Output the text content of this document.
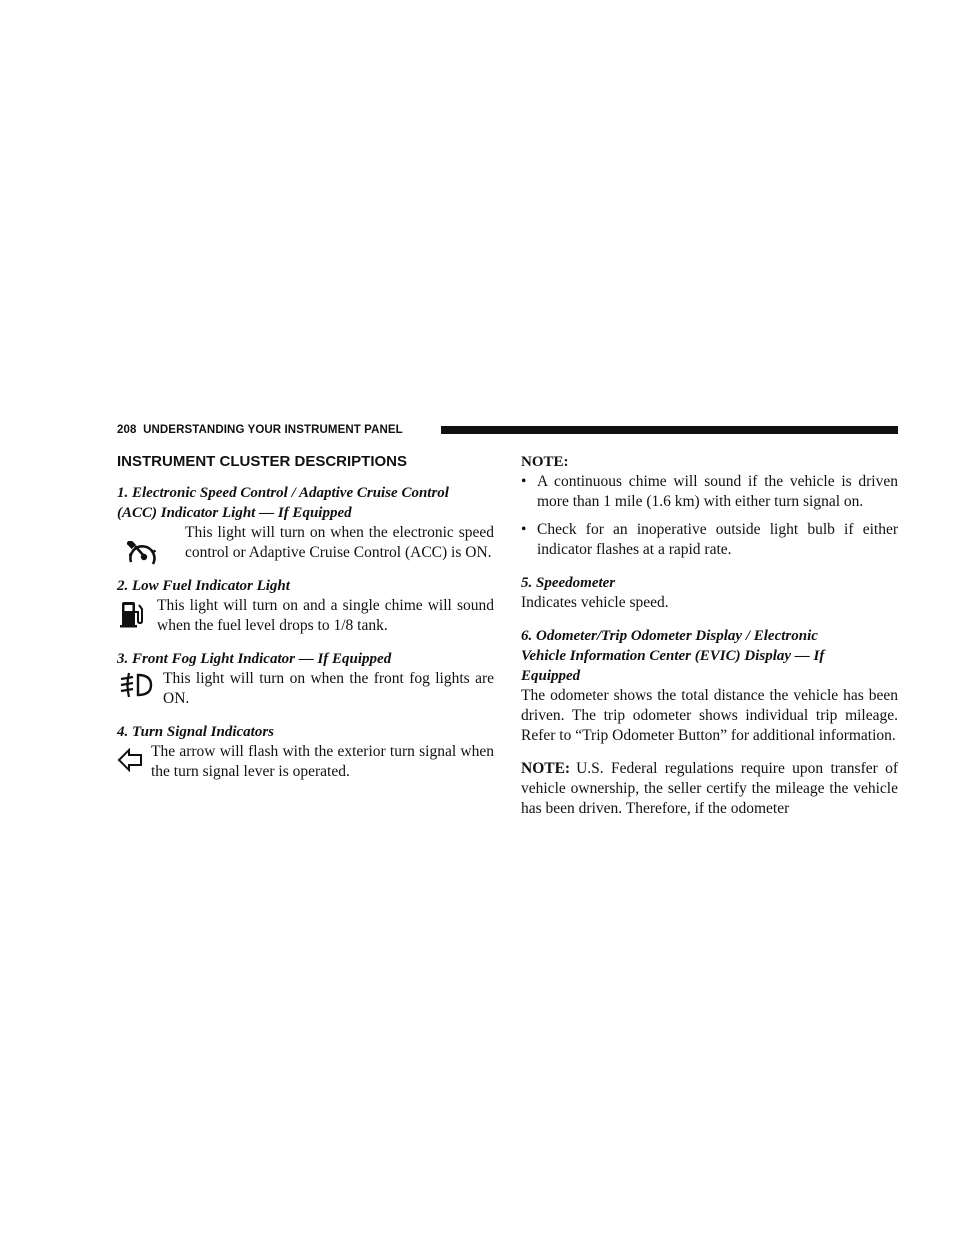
208 UNDERSTANDING YOUR INSTRUMENT PANEL
INSTRUMENT CLUSTER DESCRIPTIONS
1. Electronic Speed Control / Adaptive Cruise Control
(ACC) Indicator Light — If Equipped

This light will turn on when the electronic speed control or Adaptive Cruise Control (ACC) is ON.

2. Low Fuel Indicator Light

This light will turn on and a single chime will sound when the fuel level drops to 1/8 tank.

3. Front Fog Light Indicator — If Equipped

This light will turn on when the front fog lights are ON.

4. Turn Signal Indicators

The arrow will flash with the exterior turn signal when the turn signal lever is operated.

NOTE:
• A continuous chime will sound if the vehicle is driven more than 1 mile (1.6 km) with either turn signal on.
• Check for an inoperative outside light bulb if either indicator flashes at a rapid rate.
5. Speedometer

Indicates vehicle speed.

6. Odometer/Trip Odometer Display / Electronic
Vehicle Information Center (EVIC) Display — If
Equipped

The odometer shows the total distance the vehicle has been driven. The trip odometer shows individual trip mileage. Refer to “Trip Odometer Button” for additional information.

NOTE: U.S. Federal regulations require upon transfer of vehicle ownership, the seller certify the mileage the vehicle has been driven. Therefore, if the odometer
